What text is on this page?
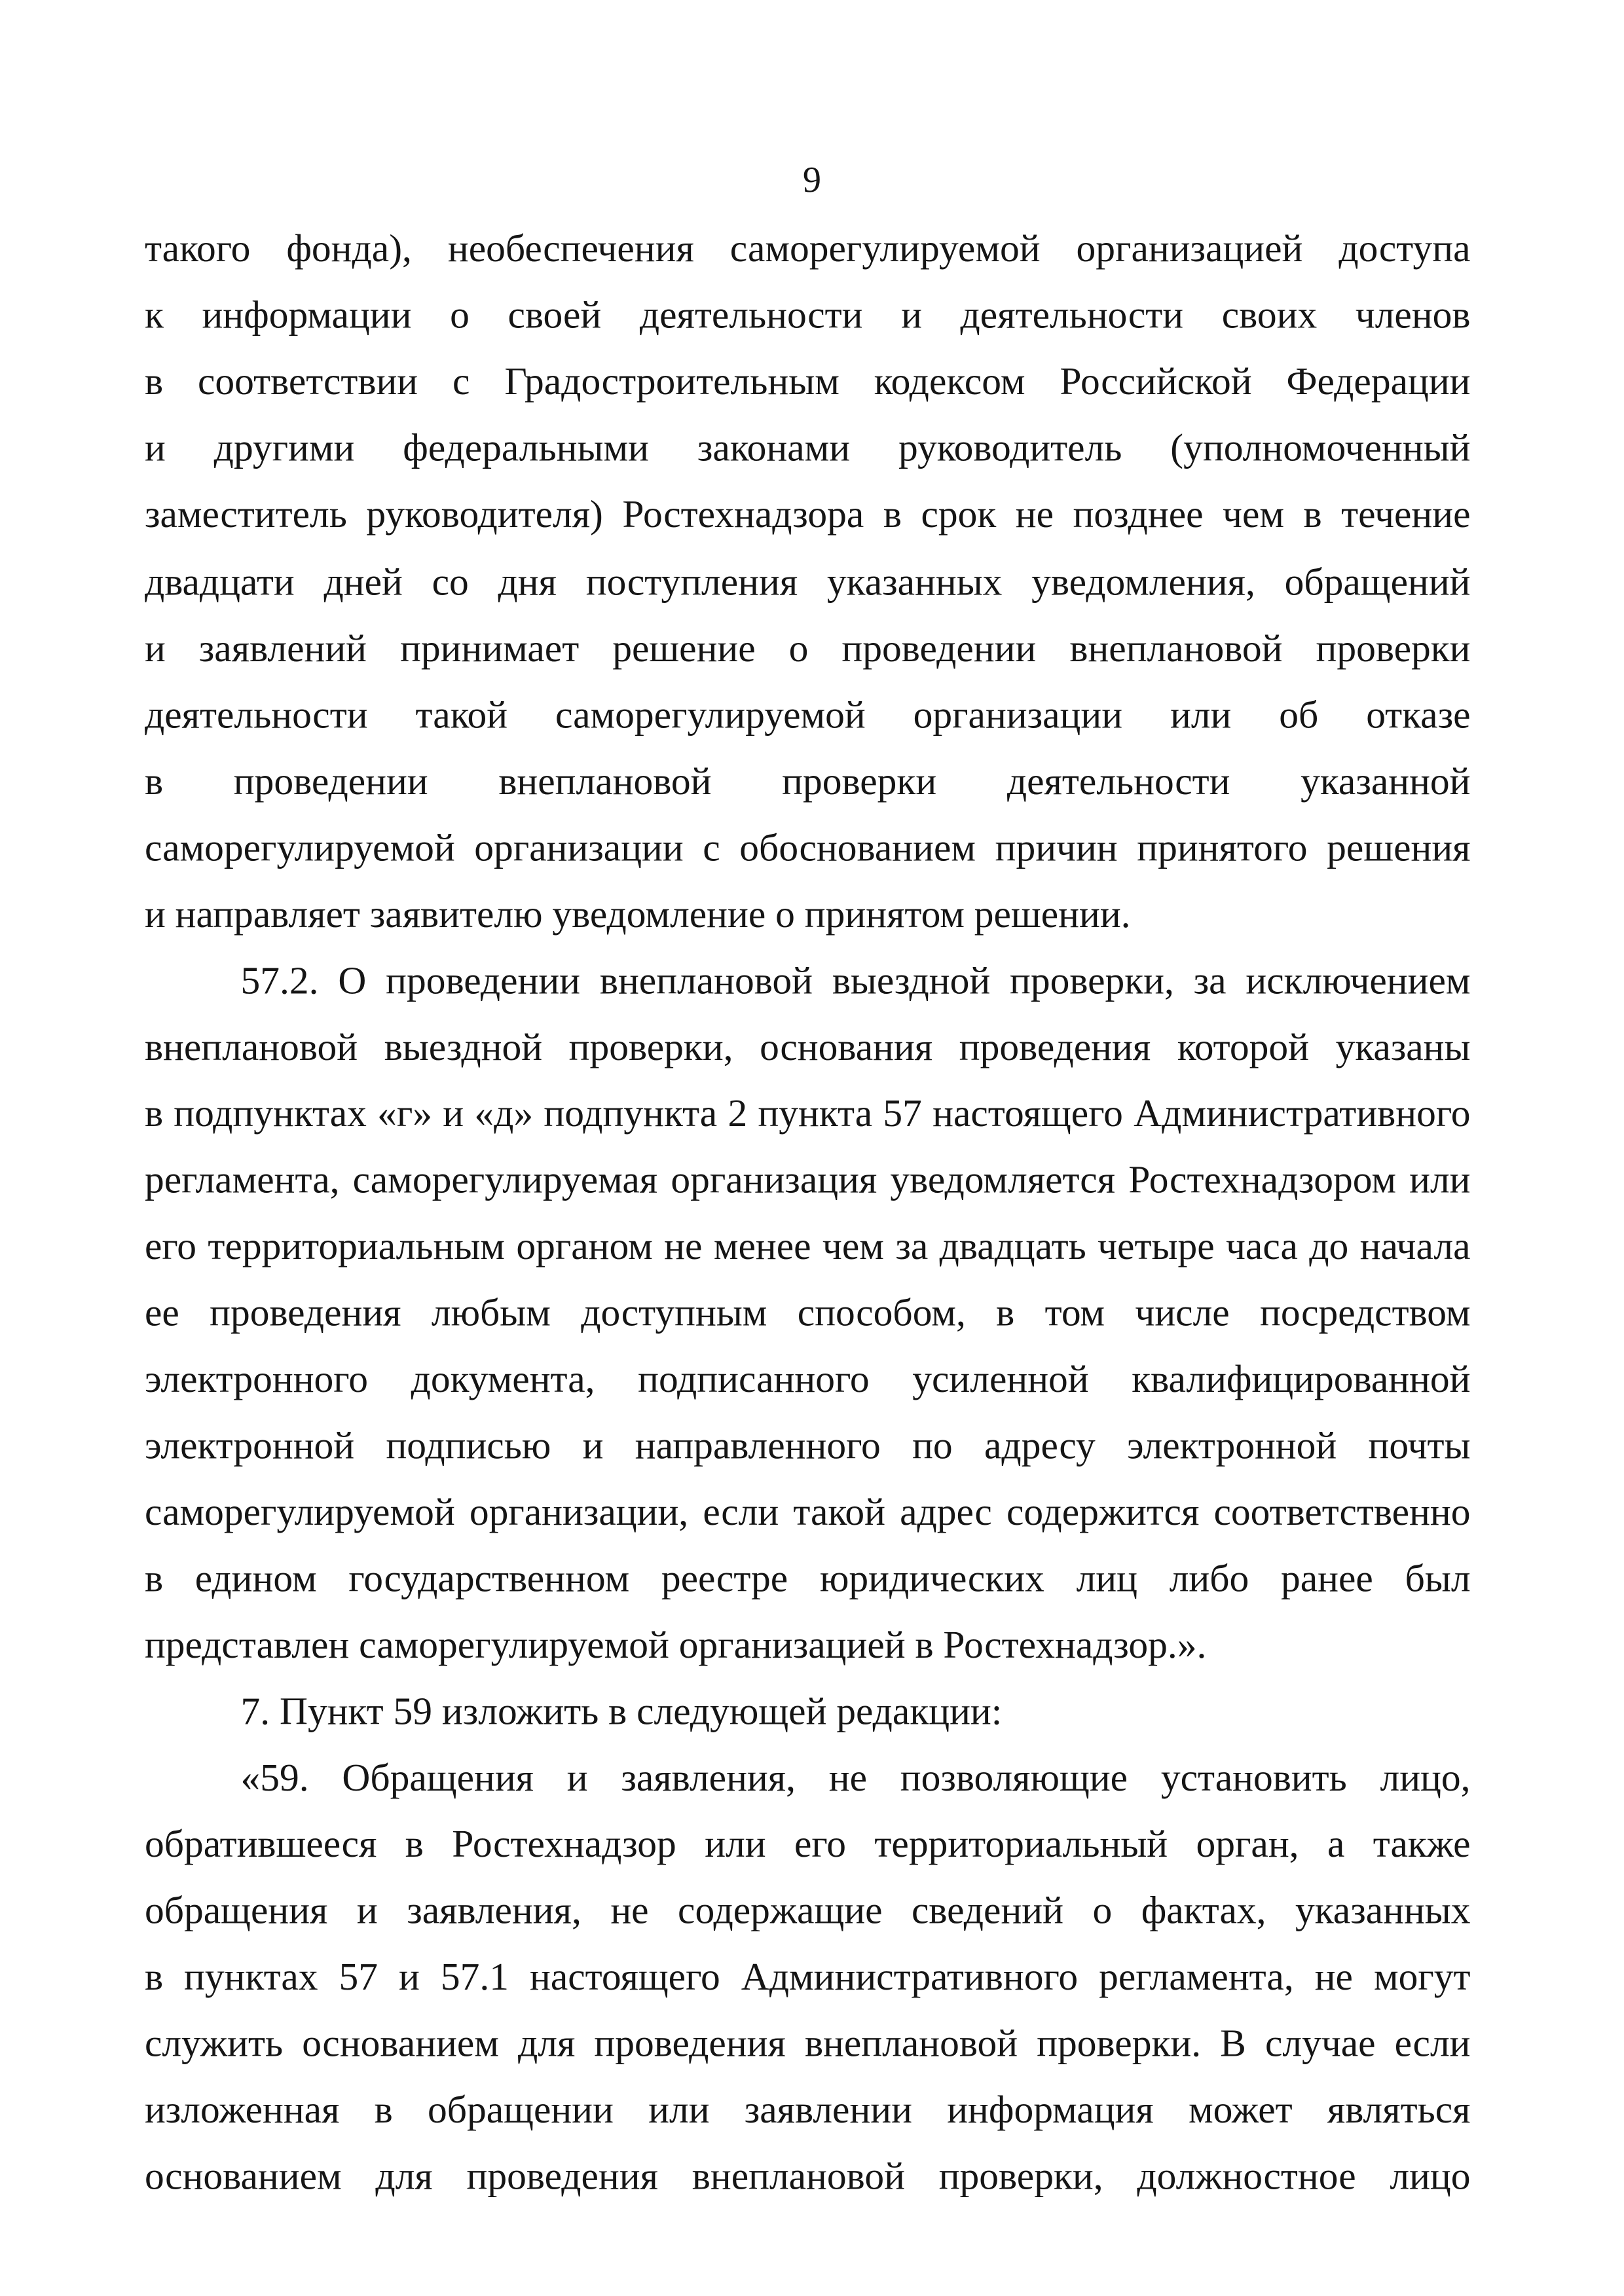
9
такого фонда), необеспечения саморегулируемой организацией доступа
к информации о своей деятельности и деятельности своих членов
в соответствии с Градостроительным кодексом Российской Федерации
и другими федеральными законами руководитель (уполномоченный
заместитель руководителя) Ростехнадзора в срок не позднее чем в течение
двадцати дней со дня поступления указанных уведомления, обращений
и заявлений принимает решение о проведении внеплановой проверки
деятельности такой саморегулируемой организации или об отказе
в проведении внеплановой проверки деятельности указанной
саморегулируемой организации с обоснованием причин принятого решения
и направляет заявителю уведомление о принятом решении.
57.2. О проведении внеплановой выездной проверки, за исключением
внеплановой выездной проверки, основания проведения которой указаны
в подпунктах «г» и «д» подпункта 2 пункта 57 настоящего Административного
регламента, саморегулируемая организация уведомляется Ростехнадзором или
его территориальным органом не менее чем за двадцать четыре часа до начала
ее проведения любым доступным способом, в том числе посредством
электронного документа, подписанного усиленной квалифицированной
электронной подписью и направленного по адресу электронной почты
саморегулируемой организации, если такой адрес содержится соответственно
в едином государственном реестре юридических лиц либо ранее был
представлен саморегулируемой организацией в Ростехнадзор.».
7. Пункт 59 изложить в следующей редакции:
«59. Обращения и заявления, не позволяющие установить лицо,
обратившееся в Ростехнадзор или его территориальный орган, а также
обращения и заявления, не содержащие сведений о фактах, указанных
в пунктах 57 и 57.1 настоящего Административного регламента, не могут
служить основанием для проведения внеплановой проверки. В случае если
изложенная в обращении или заявлении информация может являться
основанием для проведения внеплановой проверки, должностное лицо
